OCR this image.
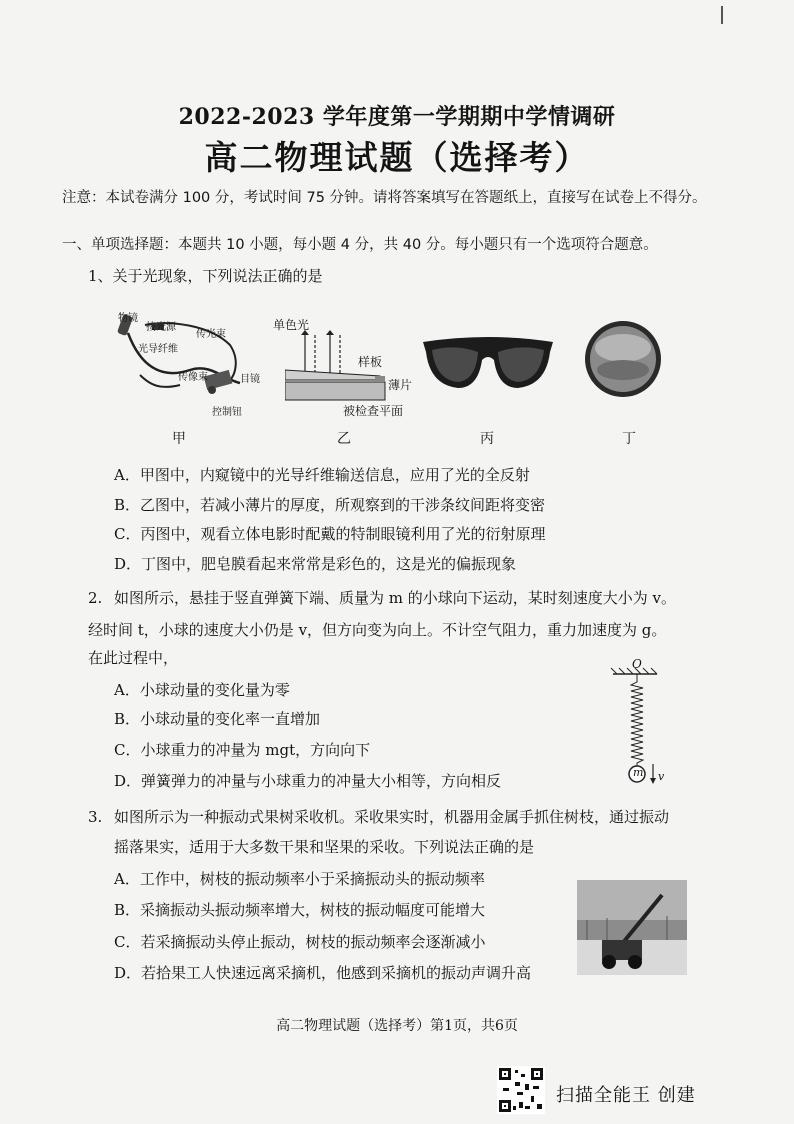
2022-2023 学年度第一学期期中学情调研
高二物理试题（选择考）
注意：本试卷满分 100 分，考试时间 75 分钟。请将答案填写在答题纸上，直接写在试卷上不得分。
一、单项选择题：本题共 10 小题，每小题 4 分，共 40 分。每小题只有一个选项符合题意。
1、关于光现象，下列说法正确的是
物镜
接光源
传光束
光导纤维
传像束	目镜
控制钮
单色光
样板
薄片
被检查平面
甲	乙	丙	丁
A．甲图中，内窥镜中的光导纤维输送信息，应用了光的全反射
B．乙图中，若减小薄片的厚度，所观察到的干涉条纹间距将变密
C．丙图中，观看立体电影时配戴的特制眼镜利用了光的衍射原理
D．丁图中，肥皂膜看起来常常是彩色的，这是光的偏振现象
2. 如图所示，悬挂于竖直弹簧下端、质量为 m 的小球向下运动，某时刻速度大小为 v。
经时间 t，小球的速度大小仍是 v，但方向变为向上。不计空气阻力，重力加速度为 g。
在此过程中，	O
m v
A．小球动量的变化量为零
B．小球动量的变化率一直增加
C．小球重力的冲量为 mgt，方向向下
D．弹簧弹力的冲量与小球重力的冲量大小相等，方向相反
3. 如图所示为一种振动式果树采收机。采收果实时，机器用金属手抓住树枝，通过振动
摇落果实，适用于大多数干果和坚果的采收。下列说法正确的是
A．工作中，树枝的振动频率小于采摘振动头的振动频率
B．采摘振动头振动频率增大，树枝的振动幅度可能增大
C．若采摘振动头停止振动，树枝的振动频率会逐渐减小
D．若拾果工人快速远离采摘机，他感到采摘机的振动声调升高
高二物理试题（选择考）第1页，共6页
扫描全能王 创建
